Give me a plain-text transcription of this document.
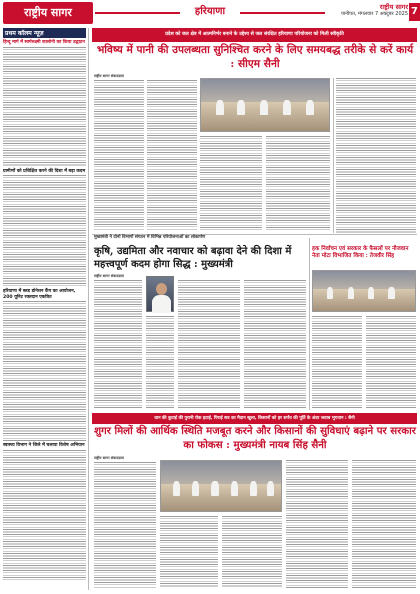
राष्ट्रीय सागर	हरियाणा	राष्ट्रीय सागर
पानीपत, मंगलवार 7 अक्टूबर 2025 7
प्रथम कॉलम न्यूज़
हिन्दू मार्ग में स्वर्गलक्ष्मी कालोनी का किया उद्घाटन
ग्रामीणों को प्रशिक्षित करने की दिशा में बड़ा कदम
हरियाणा में ब्लड डोनेशन कैंप का आयोजन, 200 यूनिट रक्तदान एकत्रित
स्वास्थ्य विभाग ने जिले में चलाया विशेष अभियान
प्रदेश को जल क्षेत्र में आत्मनिर्भर बनाने के उद्देश्य से जल संरक्षित हरियाणा परियोजना को मिली स्वीकृति
भविष्य में पानी की उपलब्धता सुनिश्चित करने के लिए समयबद्ध तरीके से करें कार्य : सीएम सैनी
राष्ट्रीय सागर संवाददाता
मुख्यमंत्री ने दोनों विभागों संगठन में विभिन्न परियोजनाओं का लोकार्पण
कृषि, उद्यमिता और नवाचार को बढ़ावा देने की दिशा में महत्त्वपूर्ण कदम होगा सिद्ध : मुख्यमंत्री
राष्ट्रीय सागर संवाददाता
हक निर्वाचन एवं सरकार के फैसलों पर नौजवान नेता मोटा विभाजित किया : तेजवीर सिंह
धान की कुटाई की पुरानी रोक हटाई, पिराई सत्र का मैदान खुला, किसानों को हर सर्पंच की पूर्ति के अंदर जवाब भुगतान : सैनी
शुगर मिलों की आर्थिक स्थिति मजबूत करने और किसानों की सुविधाएं बढ़ाने पर सरकार का फोकस : मुख्यमंत्री नायब सिंह सैनी
राष्ट्रीय सागर संवाददाता
